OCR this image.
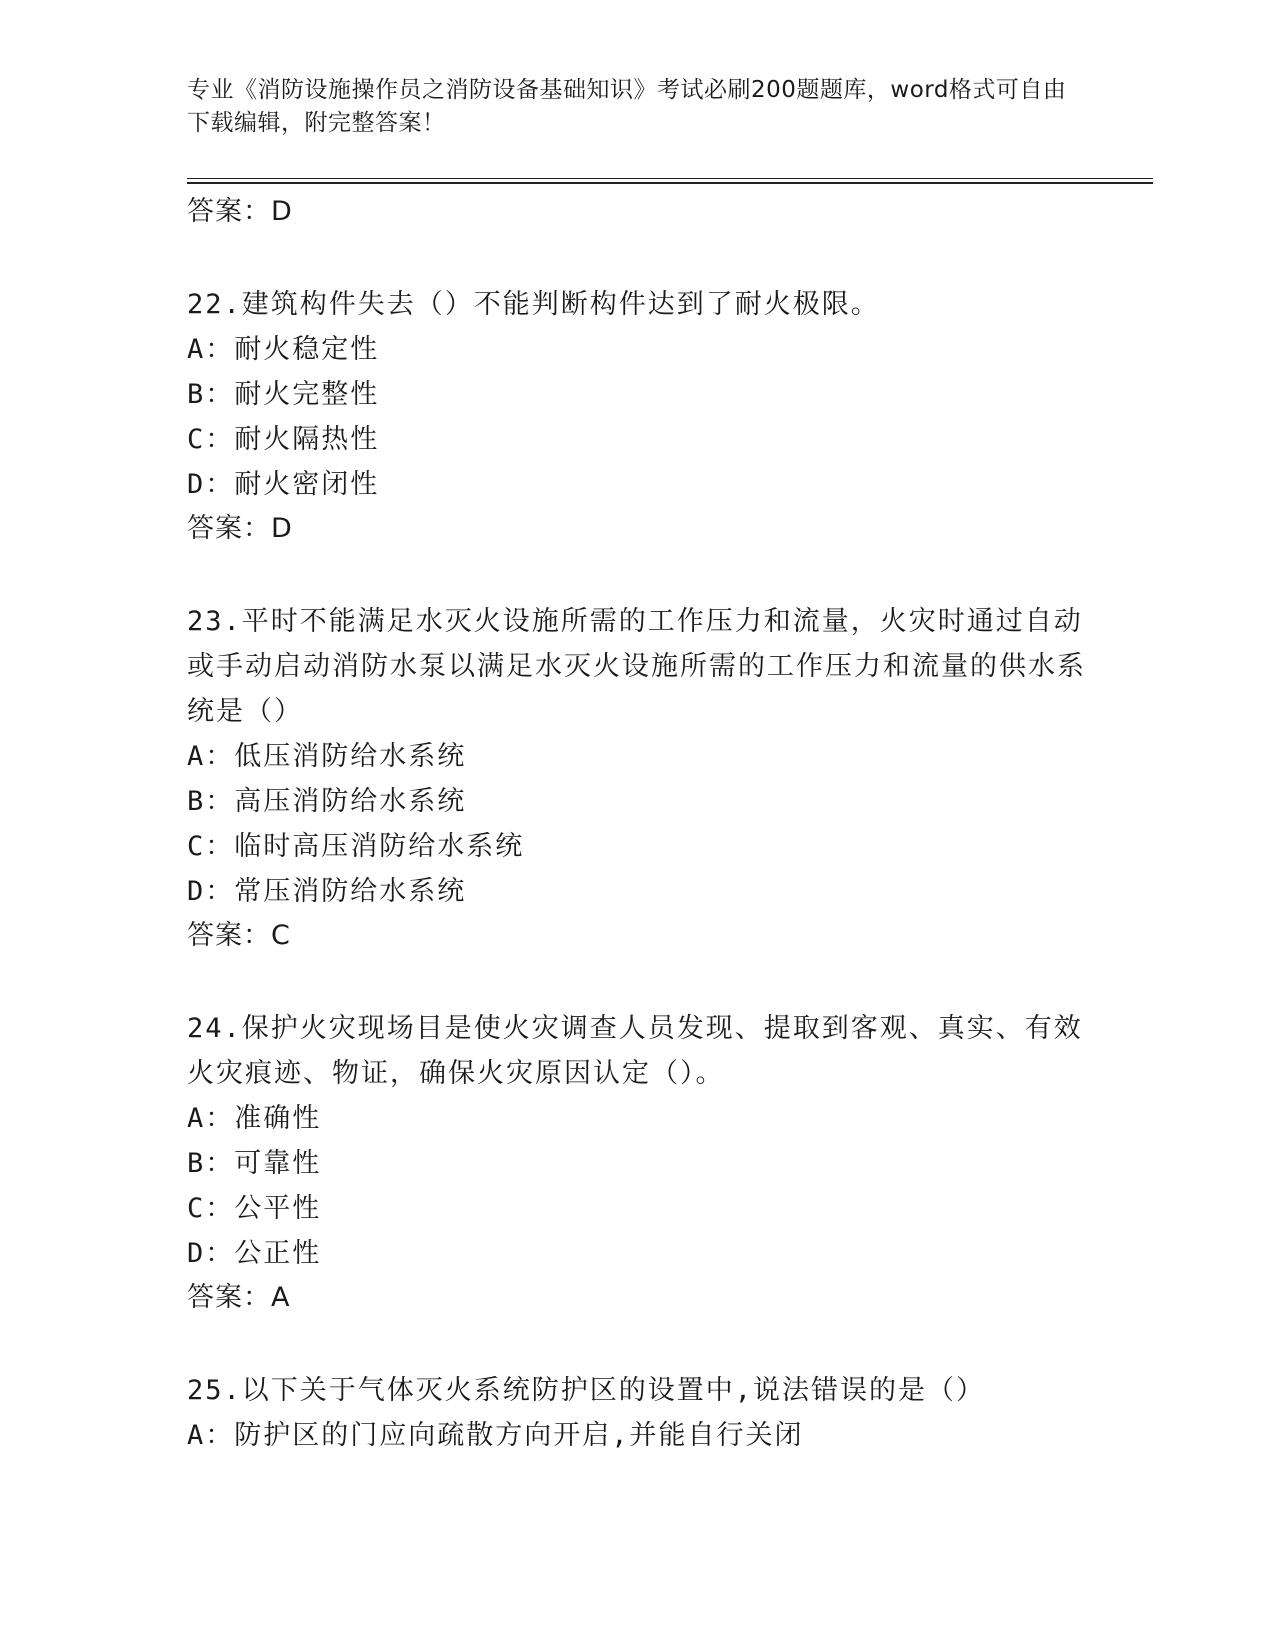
专业《消防设施操作员之消防设备基础知识》考试必刷200题题库，word格式可自由下载编辑，附完整答案！

答案：D

22.建筑构件失去（）不能判断构件达到了耐火极限。

A：耐火稳定性

B：耐火完整性

C：耐火隔热性

D：耐火密闭性

答案：D

23.平时不能满足水灭火设施所需的工作压力和流量，火灾时通过自动或手动启动消防水泵以满足水灭火设施所需的工作压力和流量的供水系统是（）

A：低压消防给水系统

B：高压消防给水系统

C：临时高压消防给水系统

D：常压消防给水系统

答案：C

24.保护火灾现场目是使火灾调查人员发现、提取到客观、真实、有效火灾痕迹、物证，确保火灾原因认定（）。

A：准确性

B：可靠性

C：公平性

D：公正性

答案：A

25.以下关于气体灭火系统防护区的设置中,说法错误的是（）

A：防护区的门应向疏散方向开启,并能自行关闭
